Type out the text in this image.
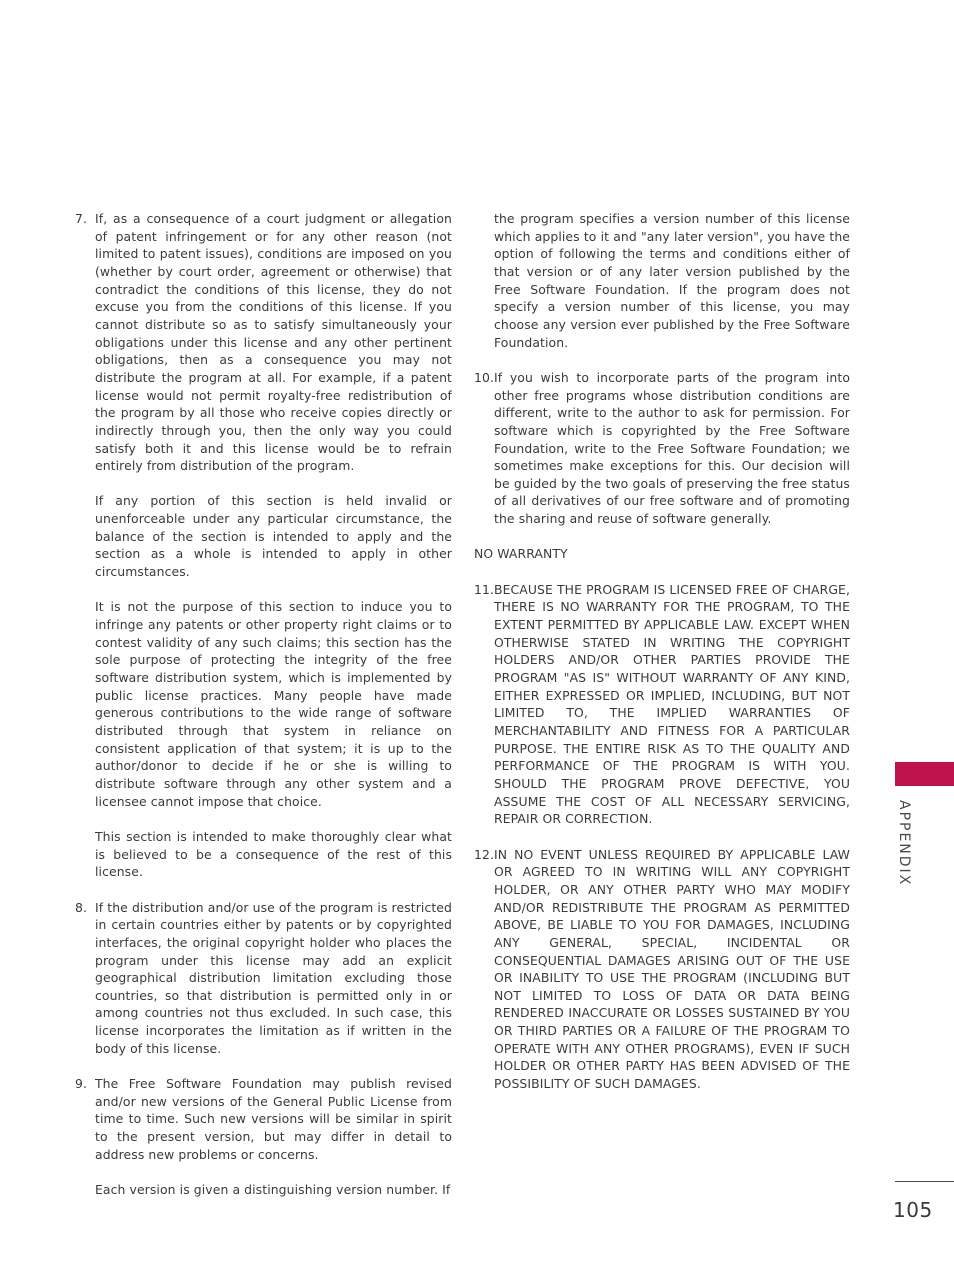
7. If, as a consequence of a court judgment or allegation of patent infringement or for any other reason (not limited to patent issues), conditions are imposed on you (whether by court order, agreement or otherwise) that contradict the conditions of this license, they do not excuse you from the conditions of this license. If you cannot distribute so as to satisfy simultaneously your obligations under this license and any other pertinent obligations, then as a consequence you may not distribute the program at all. For example, if a patent license would not permit royalty-free redistribution of the program by all those who receive copies directly or indirectly through you, then the only way you could satisfy both it and this license would be to refrain entirely from distribution of the program.
If any portion of this section is held invalid or unenforceable under any particular circumstance, the balance of the section is intended to apply and the section as a whole is intended to apply in other circumstances.
It is not the purpose of this section to induce you to infringe any patents or other property right claims or to contest validity of any such claims; this section has the sole purpose of protecting the integrity of the free software distribution system, which is implemented by public license practices. Many people have made generous contributions to the wide range of software distributed through that system in reliance on consistent application of that system; it is up to the author/donor to decide if he or she is willing to distribute software through any other system and a licensee cannot impose that choice.
This section is intended to make thoroughly clear what is believed to be a consequence of the rest of this license.
8. If the distribution and/or use of the program is restricted in certain countries either by patents or by copyrighted interfaces, the original copyright holder who places the program under this license may add an explicit geographical distribution limitation excluding those countries, so that distribution is permitted only in or among countries not thus excluded. In such case, this license incorporates the limitation as if written in the body of this license.
9. The Free Software Foundation may publish revised and/or new versions of the General Public License from time to time. Such new versions will be similar in spirit to the present version, but may differ in detail to address new problems or concerns.
Each version is given a distinguishing version number. If
the program specifies a version number of this license which applies to it and "any later version", you have the option of following the terms and conditions either of that version or of any later version published by the Free Software Foundation. If the program does not specify a version number of this license, you may choose any version ever published by the Free Software Foundation.
10. If you wish to incorporate parts of the program into other free programs whose distribution conditions are different, write to the author to ask for permission. For software which is copyrighted by the Free Software Foundation, write to the Free Software Foundation; we sometimes make exceptions for this. Our decision will be guided by the two goals of preserving the free status of all derivatives of our free software and of promoting the sharing and reuse of software generally.
NO WARRANTY
11. BECAUSE THE PROGRAM IS LICENSED FREE OF CHARGE, THERE IS NO WARRANTY FOR THE PROGRAM, TO THE EXTENT PERMITTED BY APPLICABLE LAW. EXCEPT WHEN OTHERWISE STATED IN WRITING THE COPYRIGHT HOLDERS AND/OR OTHER PARTIES PROVIDE THE PROGRAM "AS IS" WITHOUT WARRANTY OF ANY KIND, EITHER EXPRESSED OR IMPLIED, INCLUDING, BUT NOT LIMITED TO, THE IMPLIED WARRANTIES OF MERCHANTABILITY AND FITNESS FOR A PARTICULAR PURPOSE. THE ENTIRE RISK AS TO THE QUALITY AND PERFORMANCE OF THE PROGRAM IS WITH YOU. SHOULD THE PROGRAM PROVE DEFECTIVE, YOU ASSUME THE COST OF ALL NECESSARY SERVICING, REPAIR OR CORRECTION.
12. IN NO EVENT UNLESS REQUIRED BY APPLICABLE LAW OR AGREED TO IN WRITING WILL ANY COPYRIGHT HOLDER, OR ANY OTHER PARTY WHO MAY MODIFY AND/OR REDISTRIBUTE THE PROGRAM AS PERMITTED ABOVE, BE LIABLE TO YOU FOR DAMAGES, INCLUDING ANY GENERAL, SPECIAL, INCIDENTAL OR CONSEQUENTIAL DAMAGES ARISING OUT OF THE USE OR INABILITY TO USE THE PROGRAM (INCLUDING BUT NOT LIMITED TO LOSS OF DATA OR DATA BEING RENDERED INACCURATE OR LOSSES SUSTAINED BY YOU OR THIRD PARTIES OR A FAILURE OF THE PROGRAM TO OPERATE WITH ANY OTHER PROGRAMS), EVEN IF SUCH HOLDER OR OTHER PARTY HAS BEEN ADVISED OF THE POSSIBILITY OF SUCH DAMAGES.
APPENDIX
105
